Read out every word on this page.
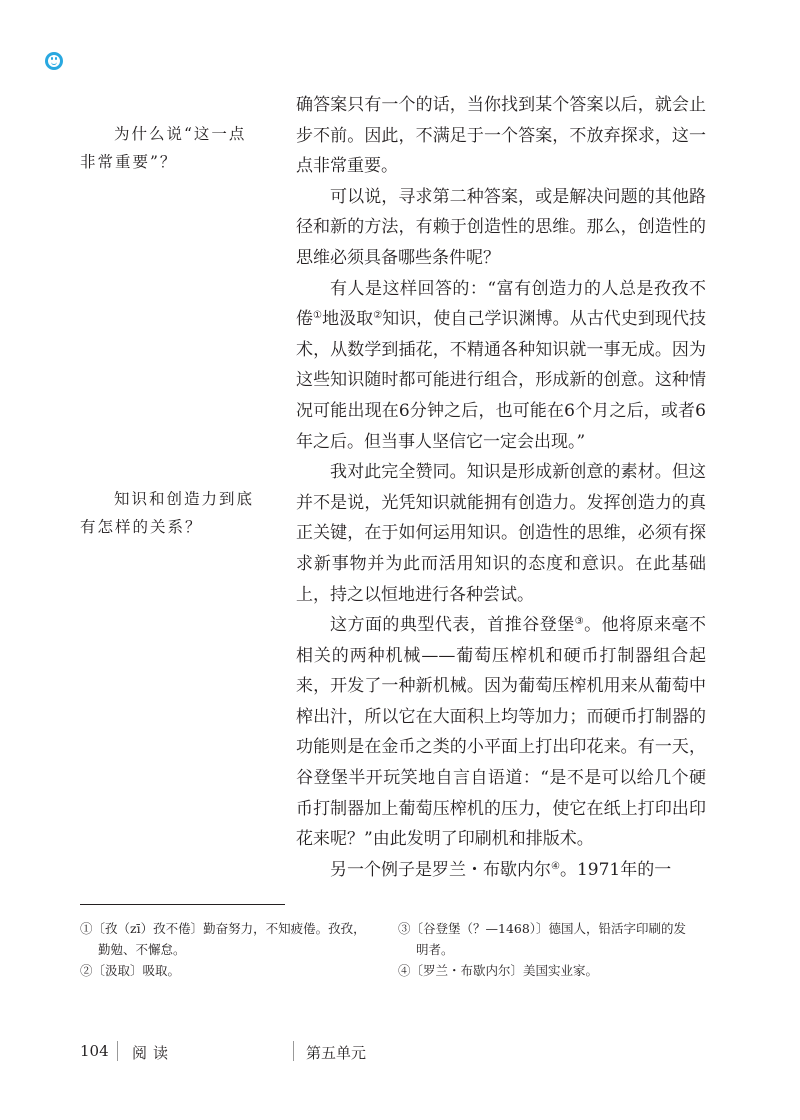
为什么说“这一点
非常重要”？
知识和创造力到底
有怎样的关系？

确答案只有一个的话，当你找到某个答案以后，就会止步不前。因此，不满足于一个答案，不放弃探求，这一点非常重要。

可以说，寻求第二种答案，或是解决问题的其他路径和新的方法，有赖于创造性的思维。那么，创造性的思维必须具备哪些条件呢？

有人是这样回答的：“富有创造力的人总是孜孜不倦①地汲取②知识，使自己学识渊博。从古代史到现代技术，从数学到插花，不精通各种知识就一事无成。因为这些知识随时都可能进行组合，形成新的创意。这种情况可能出现在6分钟之后，也可能在6个月之后，或者6年之后。但当事人坚信它一定会出现。”

我对此完全赞同。知识是形成新创意的素材。但这并不是说，光凭知识就能拥有创造力。发挥创造力的真正关键，在于如何运用知识。创造性的思维，必须有探求新事物并为此而活用知识的态度和意识。在此基础上，持之以恒地进行各种尝试。

这方面的典型代表，首推谷登堡③。他将原来毫不相关的两种机械——葡萄压榨机和硬币打制器组合起来，开发了一种新机械。因为葡萄压榨机用来从葡萄中榨出汁，所以它在大面积上均等加力；而硬币打制器的功能则是在金币之类的小平面上打出印花来。有一天，谷登堡半开玩笑地自言自语道：“是不是可以给几个硬币打制器加上葡萄压榨机的压力，使它在纸上打印出印花来呢？”由此发明了印刷机和排版术。

另一个例子是罗兰・布歇内尔④。1971年的一

①〔孜（zī）孜不倦〕勤奋努力，不知疲倦。孜孜，勤勉、不懈怠。
②〔汲取〕吸取。
③〔谷登堡（？—1468）〕德国人，铅活字印刷的发明者。
④〔罗兰・布歇内尔〕美国实业家。
104 阅读	第五单元
